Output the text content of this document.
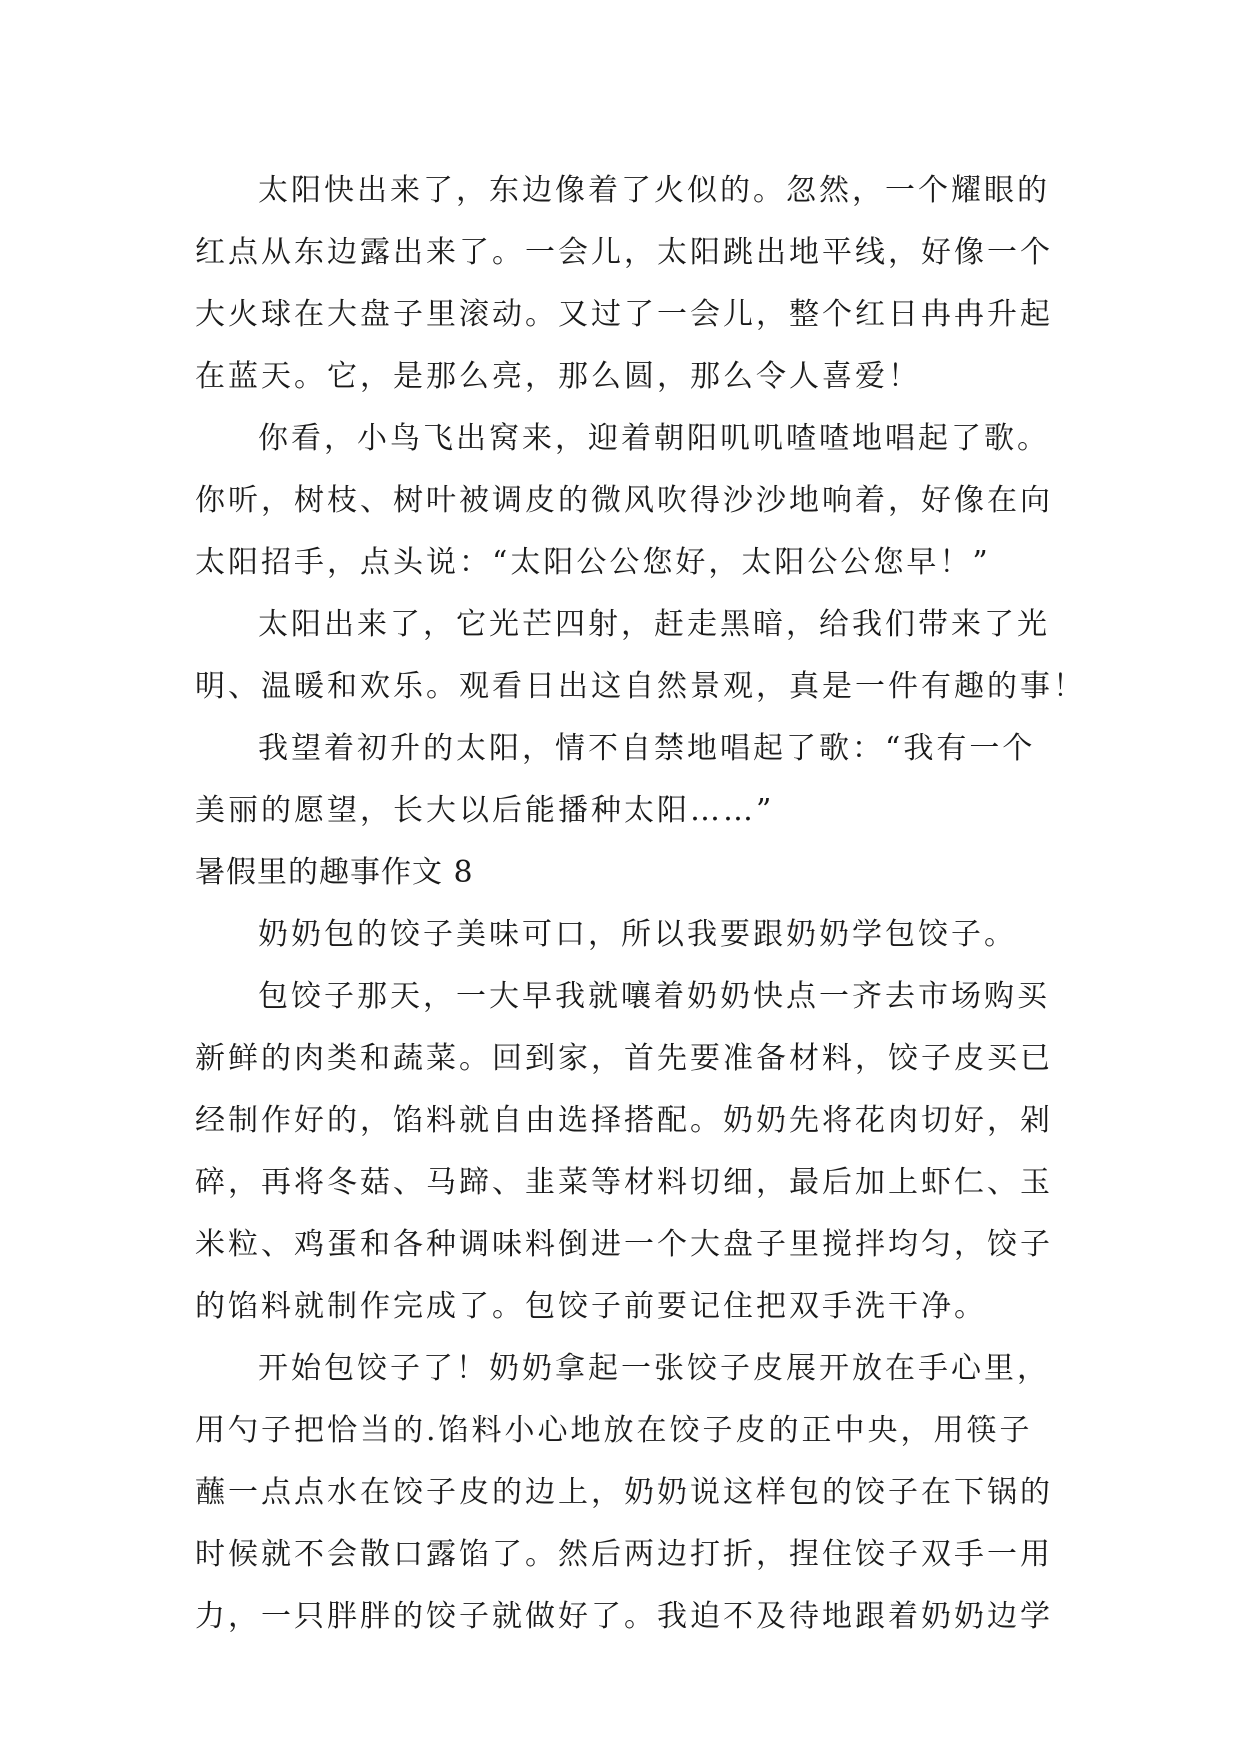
太阳快出来了，东边像着了火似的。忽然，一个耀眼的
红点从东边露出来了。一会儿，太阳跳出地平线，好像一个
大火球在大盘子里滚动。又过了一会儿，整个红日冉冉升起
在蓝天。它，是那么亮，那么圆，那么令人喜爱！
你看，小鸟飞出窝来，迎着朝阳叽叽喳喳地唱起了歌。
你听，树枝、树叶被调皮的微风吹得沙沙地响着，好像在向
太阳招手，点头说：“太阳公公您好，太阳公公您早！”
太阳出来了，它光芒四射，赶走黑暗，给我们带来了光
明、温暖和欢乐。观看日出这自然景观，真是一件有趣的事！
我望着初升的太阳，情不自禁地唱起了歌：“我有一个
美丽的愿望，长大以后能播种太阳……”
暑假里的趣事作文 8
奶奶包的饺子美味可口，所以我要跟奶奶学包饺子。
包饺子那天，一大早我就嚷着奶奶快点一齐去市场购买
新鲜的肉类和蔬菜。回到家，首先要准备材料，饺子皮买已
经制作好的，馅料就自由选择搭配。奶奶先将花肉切好，剁
碎，再将冬菇、马蹄、韭菜等材料切细，最后加上虾仁、玉
米粒、鸡蛋和各种调味料倒进一个大盘子里搅拌均匀，饺子
的馅料就制作完成了。包饺子前要记住把双手洗干净。
开始包饺子了！奶奶拿起一张饺子皮展开放在手心里，
用勺子把恰当的.馅料小心地放在饺子皮的正中央，用筷子
蘸一点点水在饺子皮的边上，奶奶说这样包的饺子在下锅的
时候就不会散口露馅了。然后两边打折，捏住饺子双手一用
力，一只胖胖的饺子就做好了。我迫不及待地跟着奶奶边学
